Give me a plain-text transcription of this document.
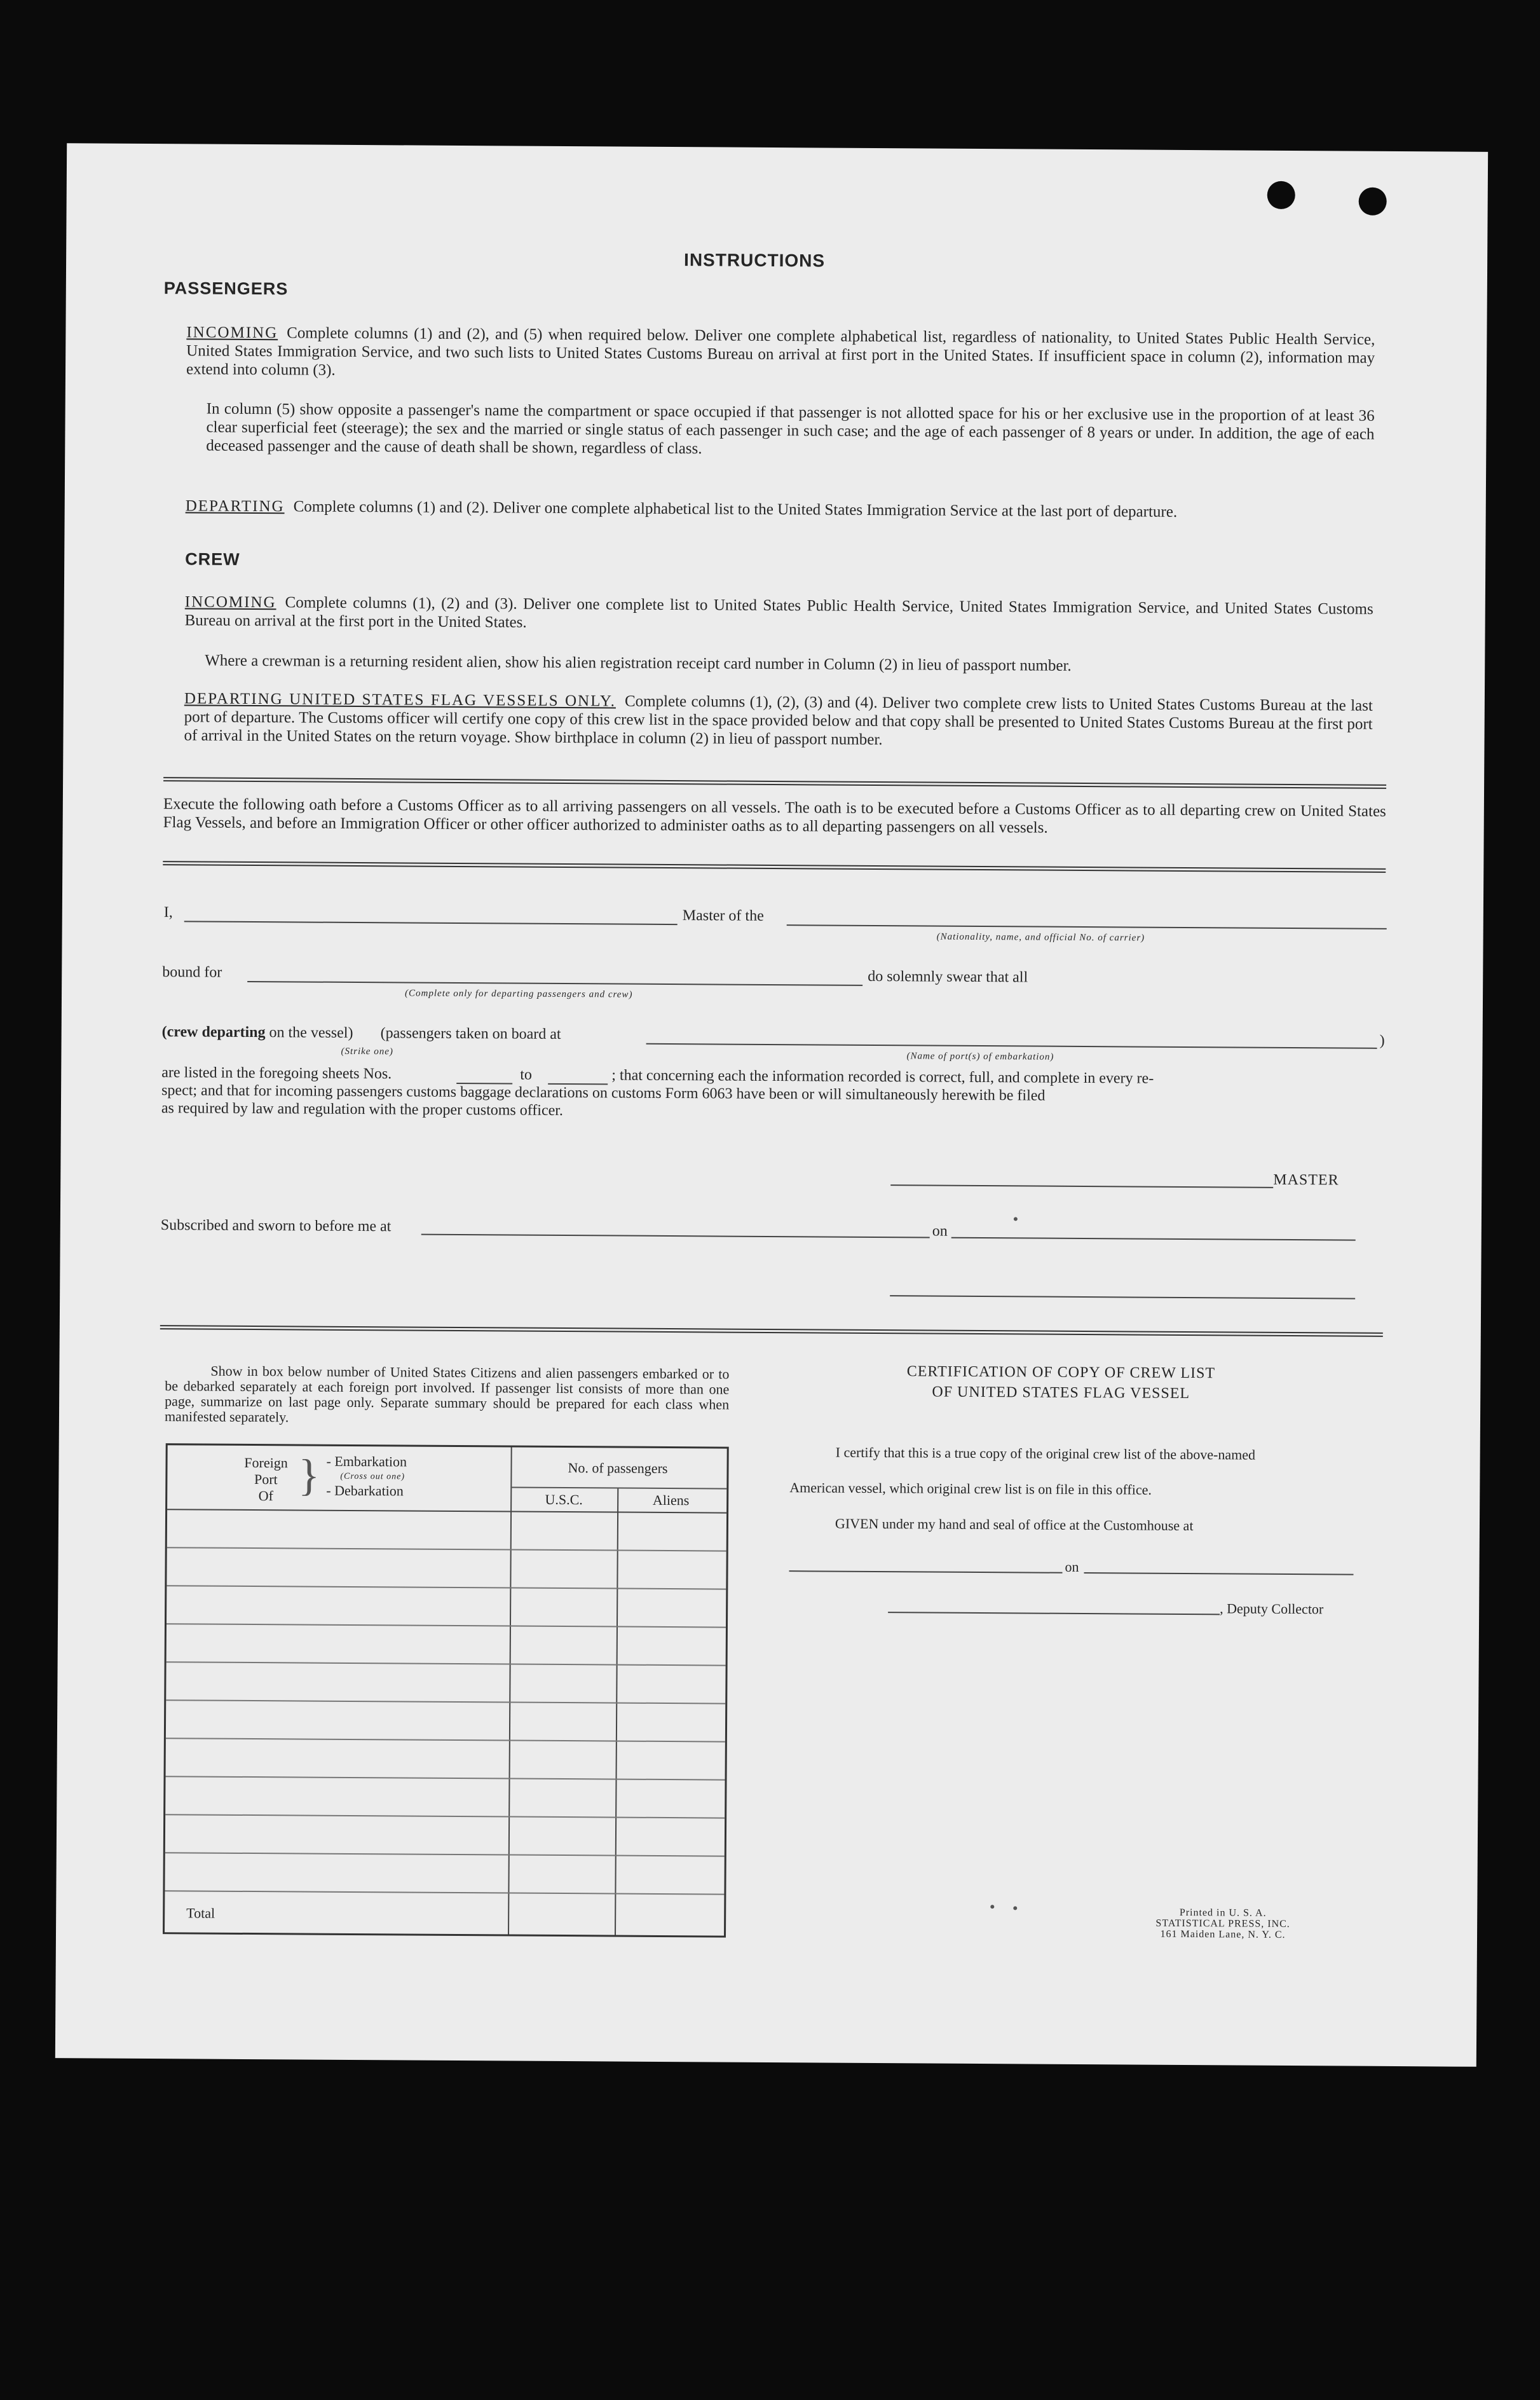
INSTRUCTIONS
PASSENGERS
INCOMING Complete columns (1) and (2), and (5) when required below. Deliver one complete alphabetical list, regardless of nationality, to United States Public Health Service, United States Immigration Service, and two such lists to United States Customs Bureau on arrival at first port in the United States. If insufficient space in column (2), information may extend into column (3).
In column (5) show opposite a passenger's name the compartment or space occupied if that passenger is not allotted space for his or her exclusive use in the proportion of at least 36 clear superficial feet (steerage); the sex and the married or single status of each passenger in such case; and the age of each passenger of 8 years or under. In addition, the age of each deceased passenger and the cause of death shall be shown, regardless of class.
DEPARTING Complete columns (1) and (2). Deliver one complete alphabetical list to the United States Immigration Service at the last port of departure.
CREW
INCOMING Complete columns (1), (2) and (3). Deliver one complete list to United States Public Health Service, United States Immigration Service, and United States Customs Bureau on arrival at the first port in the United States.
Where a crewman is a returning resident alien, show his alien registration receipt card number in Column (2) in lieu of passport number.
DEPARTING UNITED STATES FLAG VESSELS ONLY. Complete columns (1), (2), (3) and (4). Deliver two complete crew lists to United States Customs Bureau at the last port of departure. The Customs officer will certify one copy of this crew list in the space provided below and that copy shall be presented to United States Customs Bureau at the first port of arrival in the United States on the return voyage. Show birthplace in column (2) in lieu of passport number.
Execute the following oath before a Customs Officer as to all arriving passengers on all vessels. The oath is to be executed before a Customs Officer as to all departing crew on United States Flag Vessels, and before an Immigration Officer or other officer authorized to administer oaths as to all departing passengers on all vessels.
I,	Master of the
(Nationality, name, and official No. of carrier)
bound for	do solemnly swear that all
(Complete only for departing passengers and crew)
(crew departing on the vessel) (passengers taken on board at	)
(Strike one)	(Name of port(s) of embarkation)
are listed in the foregoing sheets Nos.	to	; that concerning each the information recorded is correct, full, and complete in every re-
spect; and that for incoming passengers customs baggage declarations on customs Form 6063 have been or will simultaneously herewith be filed
as required by law and regulation with the proper customs officer.
MASTER
Subscribed and sworn to before me at	on
Show in box below number of United States Citizens and alien passengers embarked or to be debarked separately at each foreign port involved. If passenger list consists of more than one page, summarize on last page only. Separate summary should be prepared for each class when manifested separately.
Foreign
Port
Of } - Embarkation
(Cross out one)
- Debarkation
No. of passengers
U.S.C.	Aliens
Total
CERTIFICATION OF COPY OF CREW LIST
OF UNITED STATES FLAG VESSEL
I certify that this is a true copy of the original crew list of the above-named
American vessel, which original crew list is on file in this office.
GIVEN under my hand and seal of office at the Customhouse at
on
, Deputy Collector
Printed in U. S. A.
STATISTICAL PRESS, INC.
161 Maiden Lane, N. Y. C.
